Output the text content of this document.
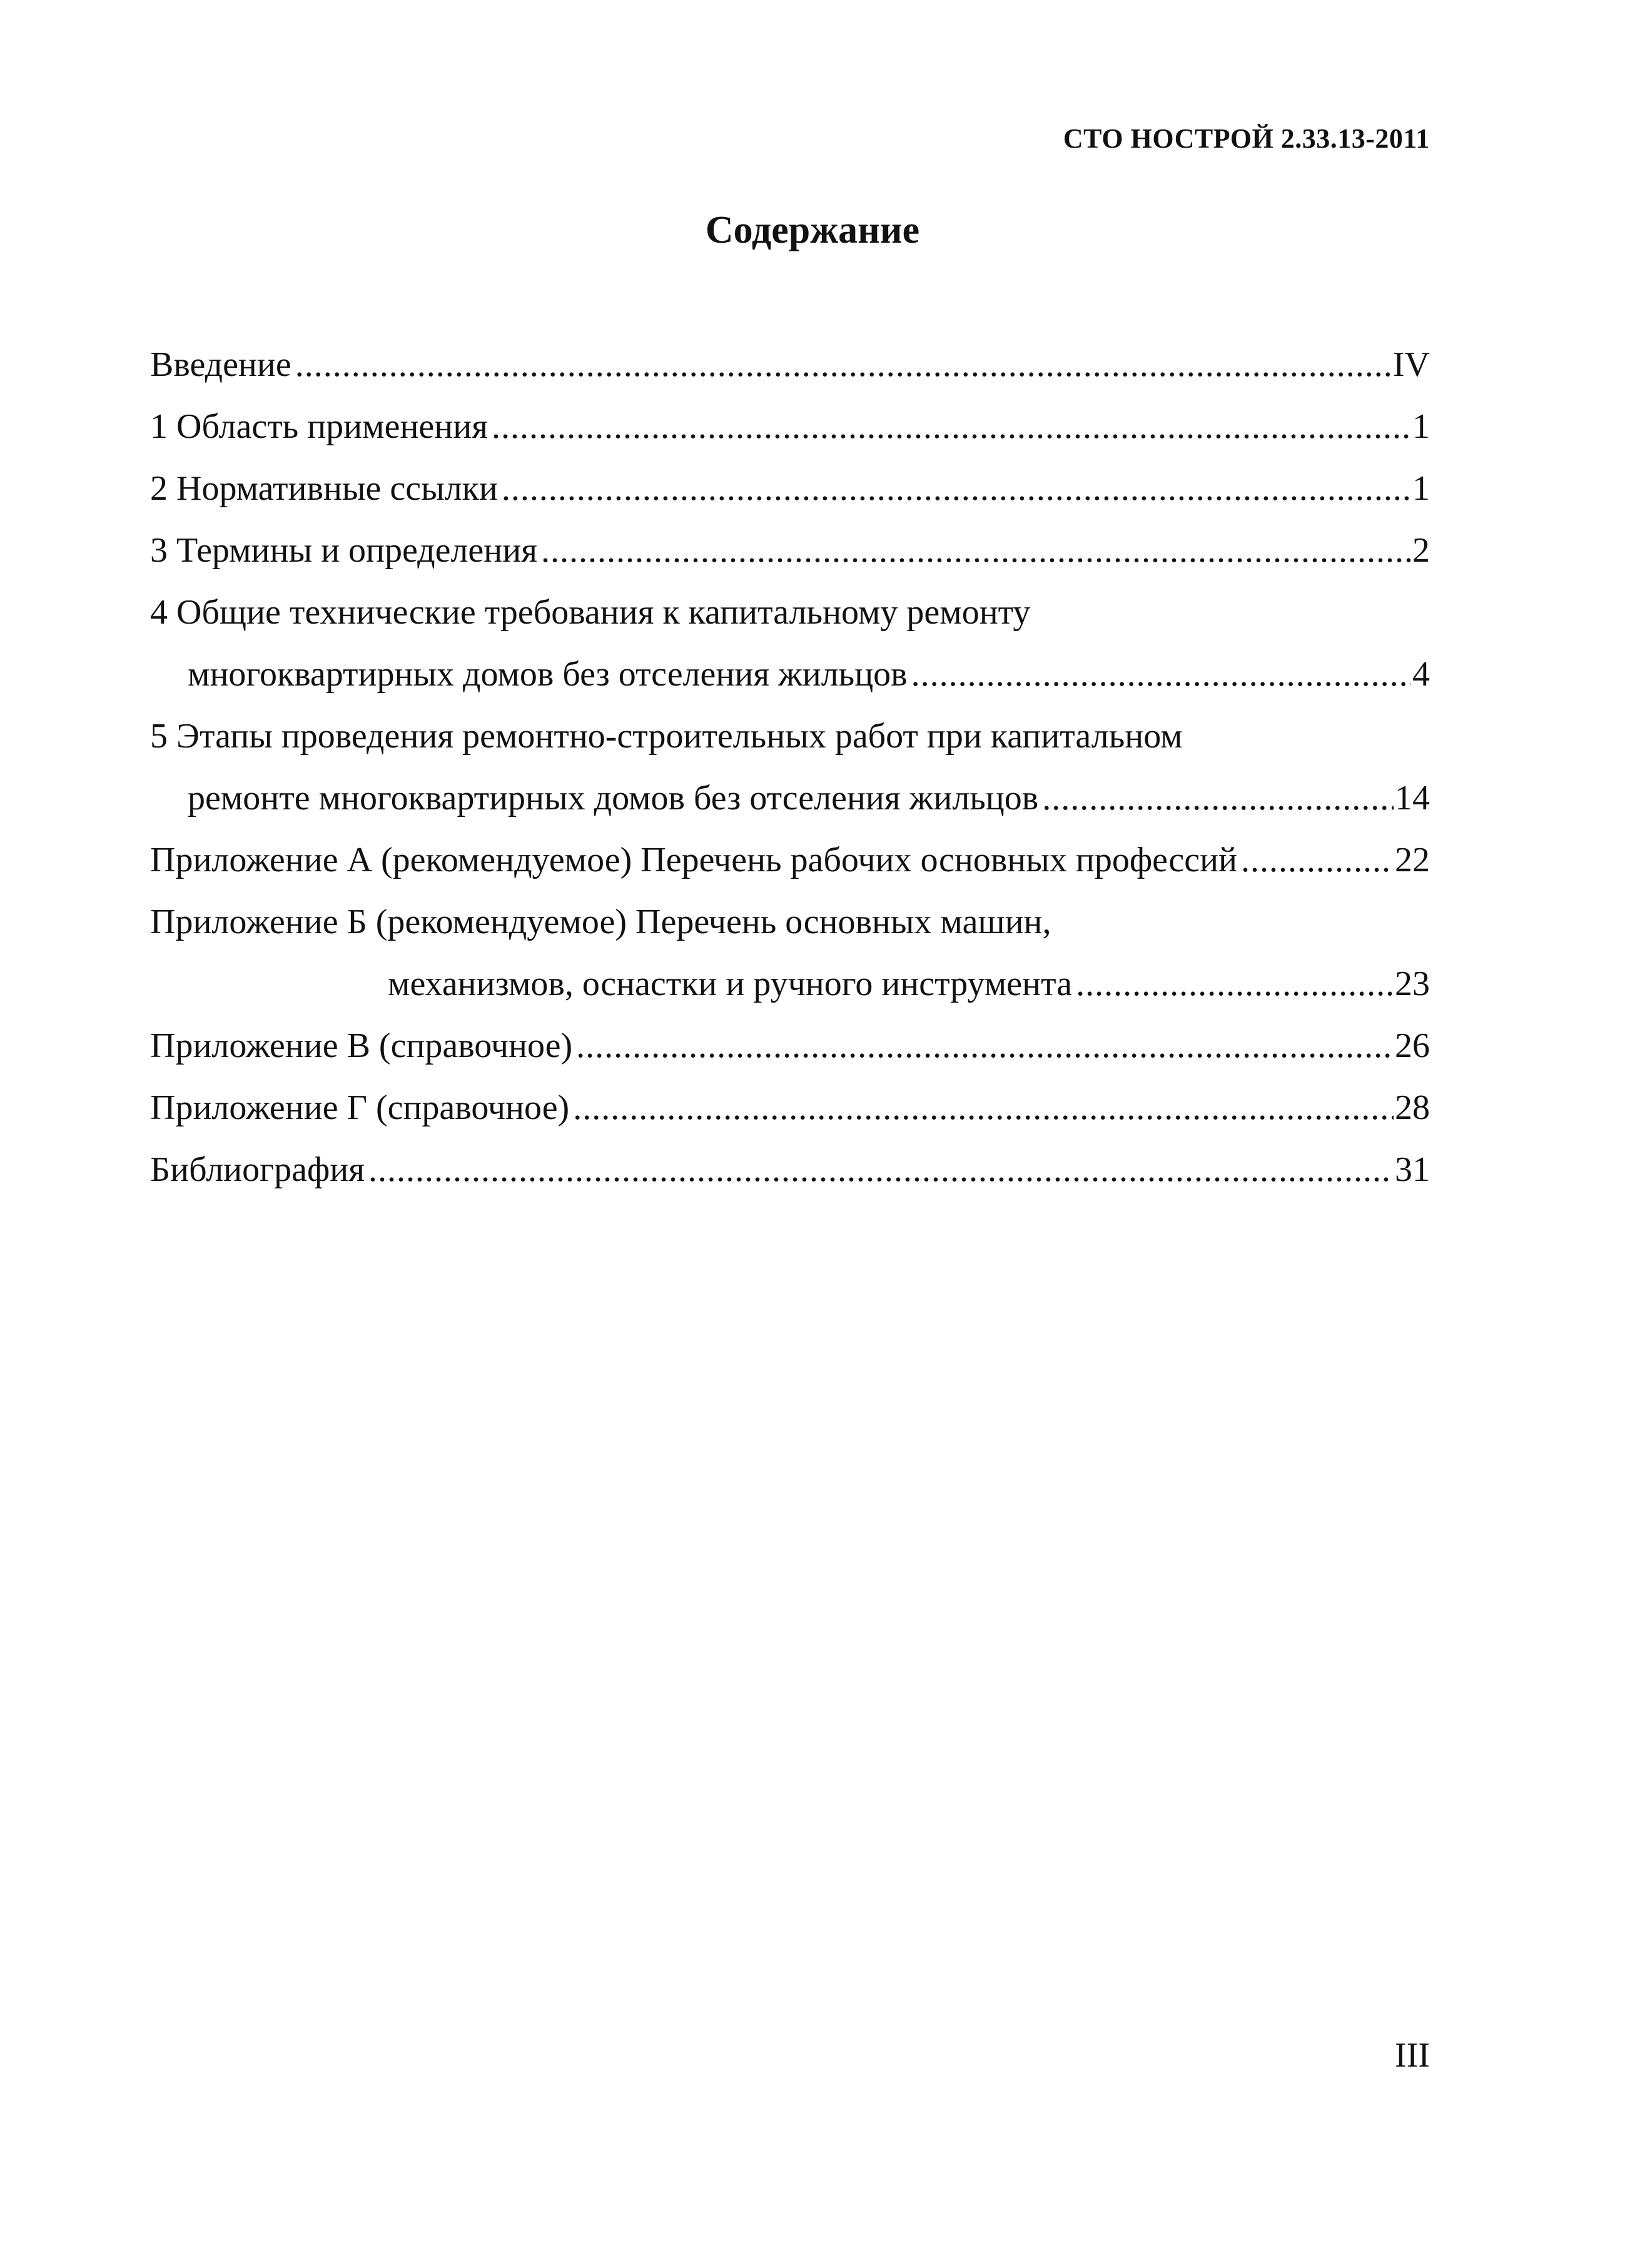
СТО НОСТРОЙ 2.33.13-2011
Содержание
Введение .....	IV
1 Область применения .....	1
2 Нормативные ссылки .....	1
3 Термины и определения .....	2
4 Общие технические требования к капитальному ремонту
многоквартирных домов без отселения жильцов .....	4
5 Этапы проведения ремонтно-строительных работ при капитальном
ремонте многоквартирных домов без отселения жильцов .....	14
Приложение А (рекомендуемое) Перечень рабочих основных профессий .....	22
Приложение Б (рекомендуемое) Перечень основных машин,
механизмов, оснастки и ручного инструмента .....	23
Приложение В (справочное) .....	26
Приложение Г (справочное) .....	28
Библиография .....	31
III
